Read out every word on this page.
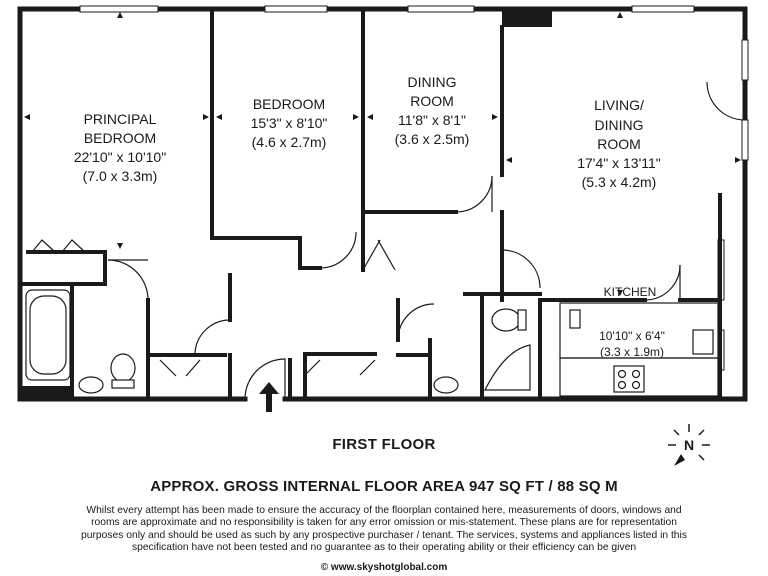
PRINCIPAL
BEDROOM
22'10" x 10'10"
(7.0 x 3.3m)
BEDROOM
15'3" x 8'10"
(4.6 x 2.7m)
DINING
ROOM
11'8" x 8'1"
(3.6 x 2.5m)
LIVING/
DINING
ROOM
17'4" x 13'11"
(5.3 x 4.2m)
KITCHEN
10'10" x 6'4"
(3.3 x 1.9m)
FIRST FLOOR
APPROX. GROSS INTERNAL FLOOR AREA 947 SQ FT / 88 SQ M
Whilst every attempt has been made to ensure the accuracy of the floorplan contained here, measurements of doors, windows and rooms are approximate and no responsibility is taken for any error omission or mis-statement. These plans are for representation purposes only and should be used as such by any prospective purchaser / tenant. The services, systems and appliances listed in this specification have not been tested and no guarantee as to their operating ability or their efficiency can be given
© www.skyshotglobal.com
N
